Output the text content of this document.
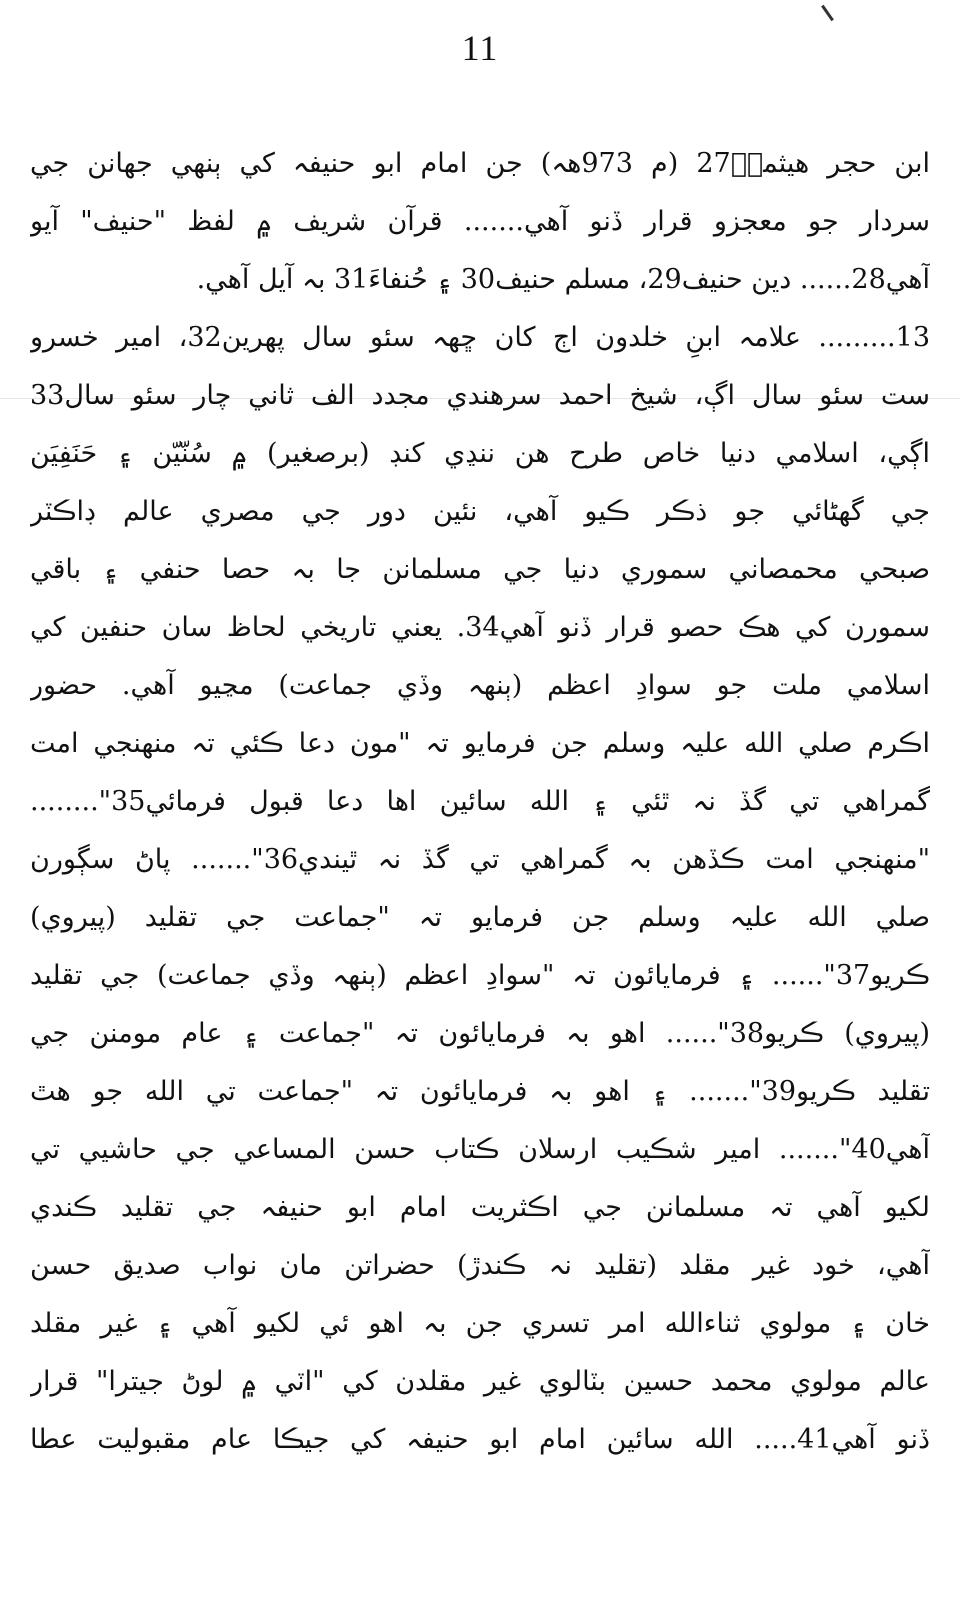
11
ابن حجر هيثميؒ27 (م 973هہ) جن امام ابو حنيفہ کي ٻنهي جهانن جي
سردار جو معجزو قرار ڏنو آهي....... قرآن شريف ۾ لفظ "حنيف" آيو
آهي28...... دين حنيف29، مسلم حنيف30 ۽ حُنفاءَ31 بہ آيل آهي.
13......... علامہ ابنِ خلدون اڄ کان ڇهہ سئو سال پهرين32، امير خسرو
ست سئو سال اڳ، شيخ احمد سرهندي مجدد الف ثاني چار سئو سال33
اڳي، اسلامي دنيا خاص طرح هن ننڍي کنڊ (برصغير) ۾ سُنّيّن ۽ حَنَفِيَن
جي گهڻائي جو ذڪر ڪيو آهي، نئين دور جي مصري عالم ڊاڪٽر
صبحي محمصاني سموري دنيا جي مسلمانن جا بہ حصا حنفي ۽ باقي
سمورن کي هڪ حصو قرار ڏنو آهي34. يعني تاريخي لحاظ سان حنفين کي
اسلامي ملت جو سوادِ اعظم (ٻنهہ وڏي جماعت) مڃيو آهي. حضور
اڪرم صلي الله عليہ وسلم جن فرمايو تہ "مون دعا ڪئي تہ منهنجي امت
گمراهي تي گڏ نہ ٿئي ۽ الله سائين اها دعا قبول فرمائي35"........
"منهنجي امت ڪڏهن بہ گمراهي تي گڏ نہ ٿيندي36"....... پاڻ سڳورن
صلي الله عليہ وسلم جن فرمايو تہ "جماعت جي تقليد (پيروي)
ڪريو37"...... ۽ فرمايائون تہ "سوادِ اعظم (ٻنهہ وڏي جماعت) جي تقليد
(پيروي) ڪريو38"...... اهو بہ فرمايائون تہ "جماعت ۽ عام مومنن جي
تقليد ڪريو39"....... ۽ اهو بہ فرمايائون تہ "جماعت تي الله جو هٿ
آهي40"....... امير شڪيب ارسلان ڪتاب حسن المساعي جي حاشيي تي
لکيو آهي تہ مسلمانن جي اڪثريت امام ابو حنيفہ جي تقليد ڪندي
آهي، خود غير مقلد (تقليد نہ ڪندڙ) حضراتن مان نواب صديق حسن
خان ۽ مولوي ثناءالله امر تسري جن بہ اهو ئي لکيو آهي ۽ غير مقلد
عالم مولوي محمد حسين بٽالوي غير مقلدن کي "اٽي ۾ لوڻ جيترا" قرار
ڏنو آهي41..... الله سائين امام ابو حنيفہ کي جيڪا عام مقبوليت عطا
